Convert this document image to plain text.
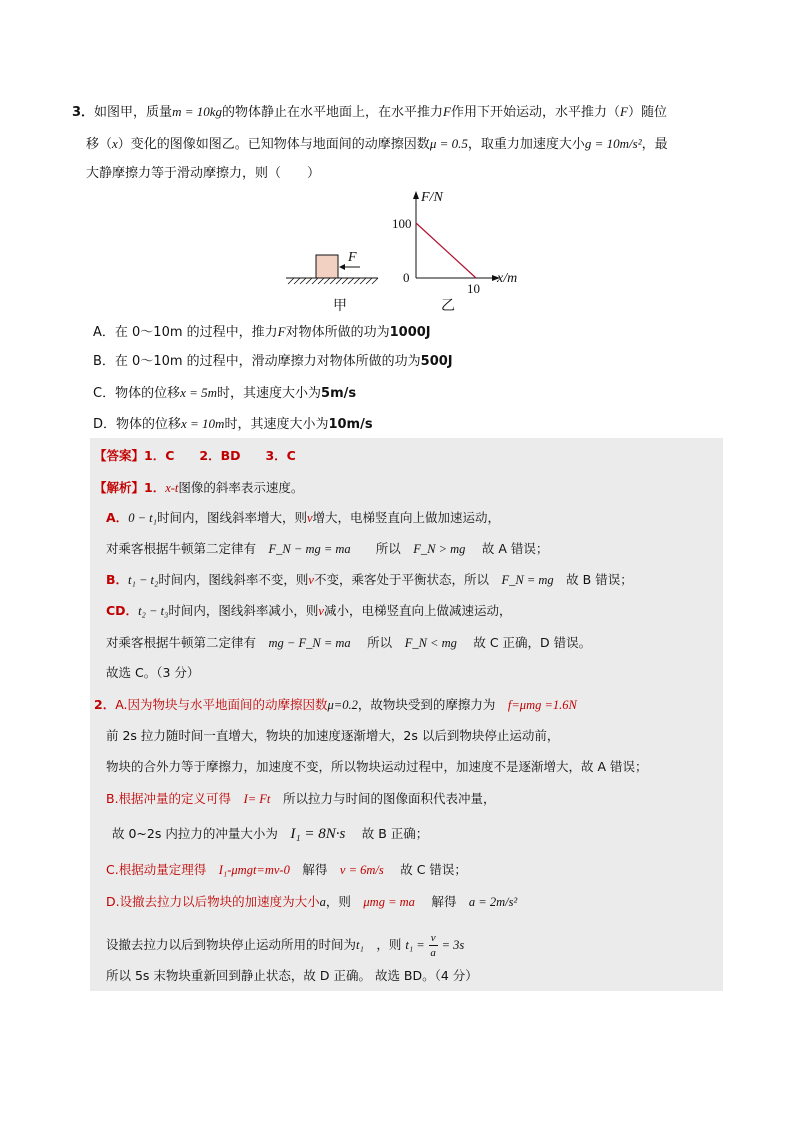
3．如图甲，质量m = 10kg的物体静止在水平地面上，在水平推力F作用下开始运动，水平推力（F）随位
移（x）变化的图像如图乙。已知物体与地面间的动摩擦因数μ = 0.5，取重力加速度大小g = 10m/s²，最
大静摩擦力等于滑动摩擦力，则（　　）
F
甲
F/N
x/m
0
100
10
乙
A．在 0～10m 的过程中，推力F对物体所做的功为1000J
B．在 0～10m 的过程中，滑动摩擦力对物体所做的功为500J
C．物体的位移x = 5m时，其速度大小为5m/s
D．物体的位移x = 10m时，其速度大小为10m/s
【答案】1．C　　2．BD　　3．C
【解析】1．x-t图像的斜率表示速度。
A．0 − t₁时间内，图线斜率增大，则v增大，电梯竖直向上做加速运动，
对乘客根据牛顿第二定律有　 F_N − mg = ma　　 所以　 F_N > mg　 故 A 错误；
B．t₁ − t₂时间内，图线斜率不变，则v不变，乘客处于平衡状态，所以　 F_N = mg　 故 B 错误；
CD．t₂ − t₃时间内，图线斜率减小，则v减小，电梯竖直向上做减速运动，
对乘客根据牛顿第二定律有　 mg − F_N = ma　 所以　 F_N < mg　 故 C 正确，D 错误。
故选 C。（3 分）
2．A.因为物块与水平地面间的动摩擦因数μ=0.2，故物块受到的摩擦力为　 f=μmg =1.6N
前 2s 拉力随时间一直增大，物块的加速度逐渐增大，2s 以后到物块停止运动前，
物块的合外力等于摩擦力，加速度不变，所以物块运动过程中，加速度不是逐渐增大，故 A 错误；
B.根据冲量的定义可得　 I= Ft　 所以拉力与时间的图像面积代表冲量，
故 0~2s 内拉力的冲量大小为　 I₁ = 8N·s　 故 B 正确；
C.根据动量定理得　 I₁-μmgt=mv-0　 解得　 v = 6m/s　 故 C 错误；
D.设撤去拉力以后物块的加速度为大小a，则　 μmg = ma　 解得　 a = 2m/s²
设撤去拉力以后到物块停止运动所用的时间为t₁　 ，则 $t_1 = \frac{v}{a} = 3s$
所以 5s 末物块重新回到静止状态，故 D 正确。 故选 BD。（4 分）
